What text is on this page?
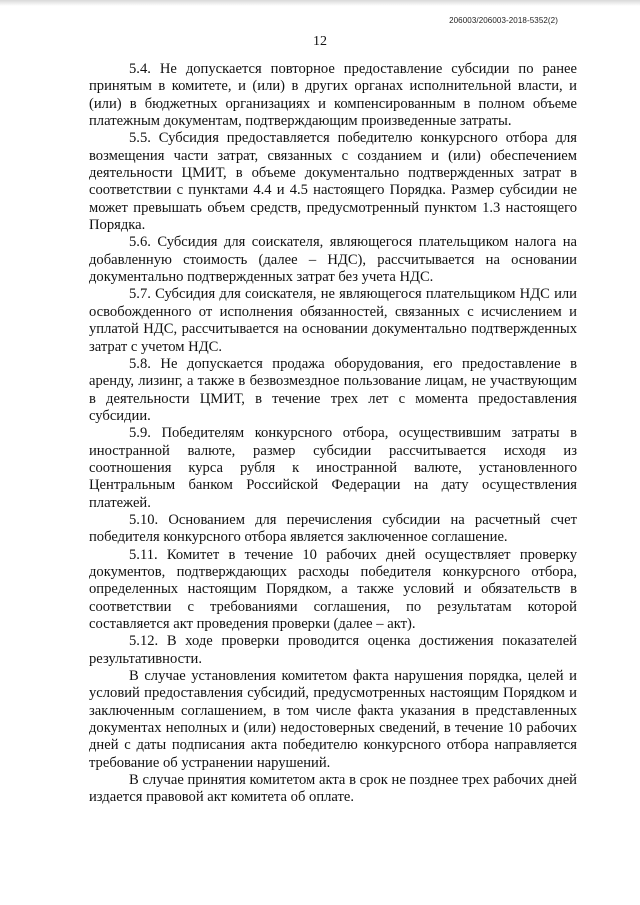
206003/206003-2018-5352(2)
12

5.4. Не допускается повторное предоставление субсидии по ранее принятым в комитете, и (или) в других органах исполнительной власти, и (или) в бюджетных организациях и компенсированным в полном объеме платежным документам, подтверждающим произведенные затраты.

5.5. Субсидия предоставляется победителю конкурсного отбора для возмещения части затрат, связанных с созданием и (или) обеспечением деятельности ЦМИТ, в объеме документально подтвержденных затрат в соответствии с пунктами 4.4 и 4.5 настоящего Порядка. Размер субсидии не может превышать объем средств, предусмотренный пунктом 1.3 настоящего Порядка.

5.6. Субсидия для соискателя, являющегося плательщиком налога на добавленную стоимость (далее – НДС), рассчитывается на основании документально подтвержденных затрат без учета НДС.

5.7. Субсидия для соискателя, не являющегося плательщиком НДС или освобожденного от исполнения обязанностей, связанных с исчислением и уплатой НДС, рассчитывается на основании документально подтвержденных затрат с учетом НДС.

5.8. Не допускается продажа оборудования, его предоставление в аренду, лизинг, а также в безвозмездное пользование лицам, не участвующим в деятельности ЦМИТ, в течение трех лет с момента предоставления субсидии.

5.9. Победителям конкурсного отбора, осуществившим затраты в иностранной валюте, размер субсидии рассчитывается исходя из соотношения курса рубля к иностранной валюте, установленного Центральным банком Российской Федерации на дату осуществления платежей.

5.10. Основанием для перечисления субсидии на расчетный счет победителя конкурсного отбора является заключенное соглашение.

5.11. Комитет в течение 10 рабочих дней осуществляет проверку документов, подтверждающих расходы победителя конкурсного отбора, определенных настоящим Порядком, а также условий и обязательств в соответствии с требованиями соглашения, по результатам которой составляется акт проведения проверки (далее – акт).

5.12. В ходе проверки проводится оценка достижения показателей результативности.

В случае установления комитетом факта нарушения порядка, целей и условий предоставления субсидий, предусмотренных настоящим Порядком и заключенным соглашением, в том числе факта указания в представленных документах неполных и (или) недостоверных сведений, в течение 10 рабочих дней с даты подписания акта победителю конкурсного отбора направляется требование об устранении нарушений.

В случае принятия комитетом акта в срок не позднее трех рабочих дней издается правовой акт комитета об оплате.
